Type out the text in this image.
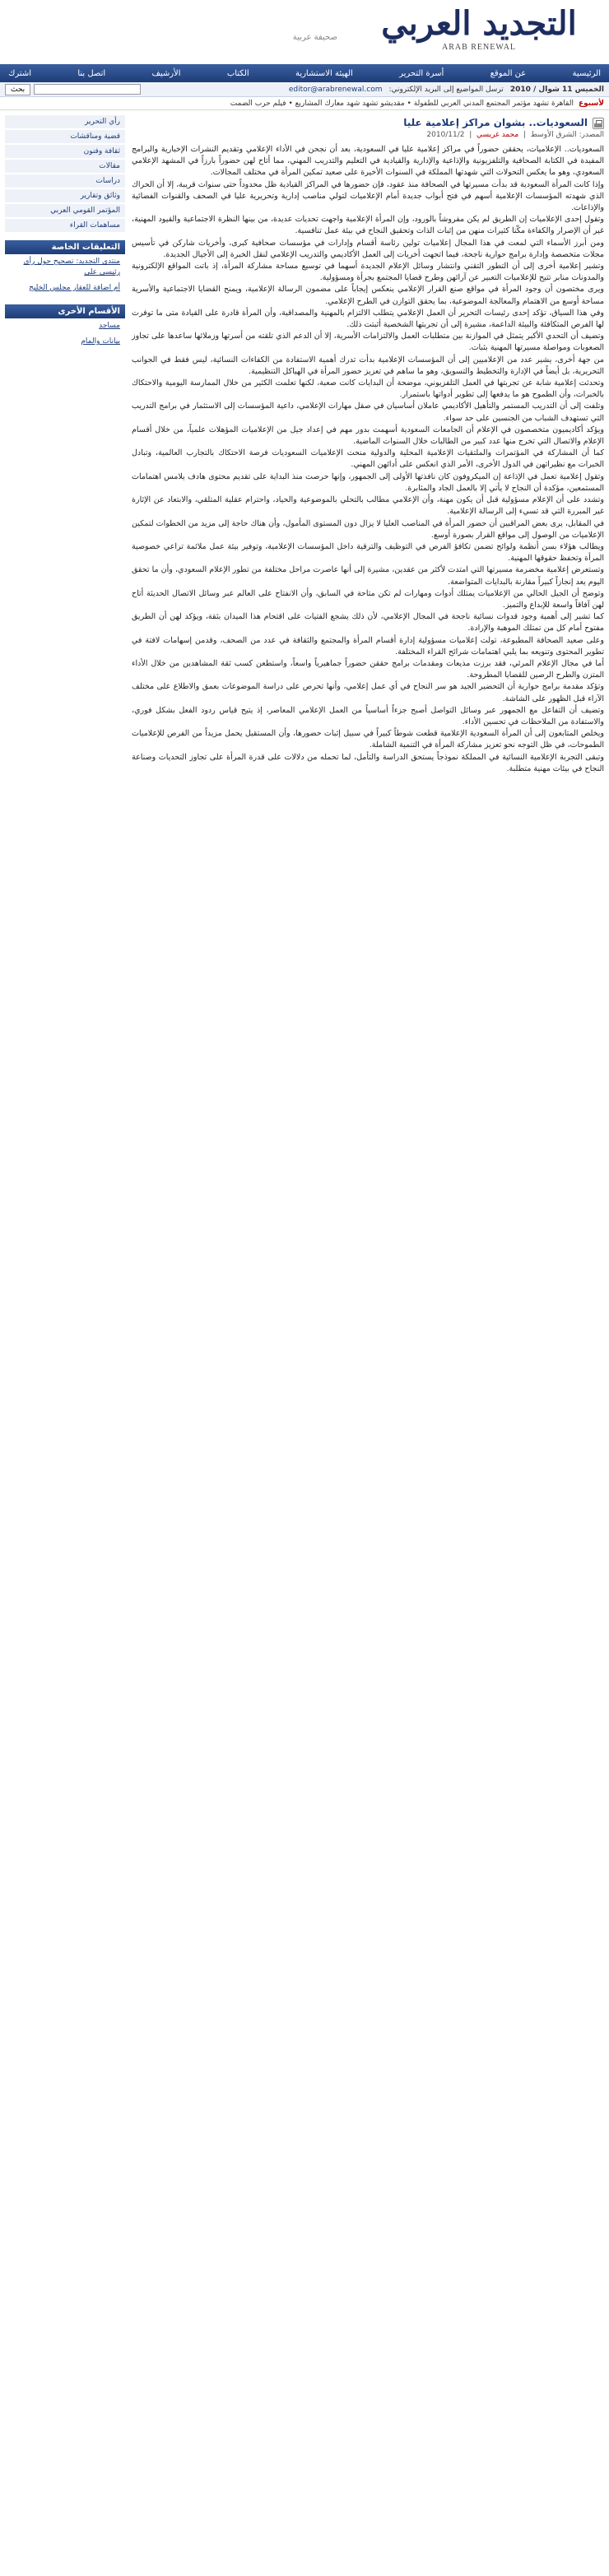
التجديد العربي
ARAB RENEWAL
صحيفة عربية
الرئيسية
عن الموقع
أسرة التحرير
الهيئة الاستشارية
الكتاب
الأرشيف
اتصل بنا
اشترك
الخميس 11 شوال / 2010
ترسل المواضيع إلى البريد الإلكتروني:
editor@arabrenewal.com
بحث
لأسبوع
القاهرة تشهد مؤتمر المجتمع المدني العربي للطفولة • مقديشو تشهد شهد معارك المشاريع • فيلم حرب الضمت
السعوديات.. بشوان مراكز إعلامية عليا
المصدر: الشرق الأوسط  |  محمد غريسي  |  2010/11/2

السعوديات.. الإعلاميات، يحققن حضوراً في مراكز إعلامية عليا في السعودية، بعد أن نجحن في الأداء الإعلامي وتقديم النشرات الإخبارية والبرامج المفيدة في الكتابة الصحافية والتلفزيونية والإذاعية والإدارية والقيادية في التعليم والتدريب المهني، مما أتاح لهن حضوراً بارزاً في المشهد الإعلامي السعودي، وهو ما يعكس التحولات التي شهدتها المملكة في السنوات الأخيرة على صعيد تمكين المرأة في مختلف المجالات.

وإذا كانت المرأة السعودية قد بدأت مسيرتها في الصحافة منذ عقود، فإن حضورها في المراكز القيادية ظل محدوداً حتى سنوات قريبة، إلا أن الحراك الذي شهدته المؤسسات الإعلامية أسهم في فتح أبواب جديدة أمام الإعلاميات لتولي مناصب إدارية وتحريرية عليا في الصحف والقنوات الفضائية والإذاعات.

وتقول إحدى الإعلاميات إن الطريق لم يكن مفروشاً بالورود، وإن المرأة الإعلامية واجهت تحديات عديدة، من بينها النظرة الاجتماعية والقيود المهنية، غير أن الإصرار والكفاءة مكّنا كثيرات منهن من إثبات الذات وتحقيق النجاح في بيئة عمل تنافسية.

ومن أبرز الأسماء التي لمعت في هذا المجال إعلاميات تولين رئاسة أقسام وإدارات في مؤسسات صحافية كبرى، وأخريات شاركن في تأسيس مجلات متخصصة وإدارة برامج حوارية ناجحة، فيما اتجهت أخريات إلى العمل الأكاديمي والتدريب الإعلامي لنقل الخبرة إلى الأجيال الجديدة.

وتشير إعلامية أخرى إلى أن التطور التقني وانتشار وسائل الإعلام الجديدة أسهما في توسيع مساحة مشاركة المرأة، إذ باتت المواقع الإلكترونية والمدونات منابر تتيح للإعلاميات التعبير عن آرائهن وطرح قضايا المجتمع بجرأة ومسؤولية.

ويرى مختصون أن وجود المرأة في مواقع صنع القرار الإعلامي ينعكس إيجاباً على مضمون الرسالة الإعلامية، ويمنح القضايا الاجتماعية والأسرية مساحة أوسع من الاهتمام والمعالجة الموضوعية، بما يحقق التوازن في الطرح الإعلامي.

وفي هذا السياق، تؤكد إحدى رئيسات التحرير أن العمل الإعلامي يتطلب الالتزام بالمهنية والمصداقية، وأن المرأة قادرة على القيادة متى ما توفرت لها الفرص المتكافئة والبيئة الداعمة، مشيرة إلى أن تجربتها الشخصية أثبتت ذلك.

وتضيف أن التحدي الأكبر يتمثل في الموازنة بين متطلبات العمل والالتزامات الأسرية، إلا أن الدعم الذي تلقته من أسرتها وزملائها ساعدها على تجاوز الصعوبات ومواصلة مسيرتها المهنية بثبات.

من جهة أخرى، يشير عدد من الإعلاميين إلى أن المؤسسات الإعلامية بدأت تدرك أهمية الاستفادة من الكفاءات النسائية، ليس فقط في الجوانب التحريرية، بل أيضاً في الإدارة والتخطيط والتسويق، وهو ما ساهم في تعزيز حضور المرأة في الهياكل التنظيمية.

وتحدثت إعلامية شابة عن تجربتها في العمل التلفزيوني، موضحة أن البدايات كانت صعبة، لكنها تعلمت الكثير من خلال الممارسة اليومية والاحتكاك بالخبرات، وأن الطموح هو ما يدفعها إلى تطوير أدواتها باستمرار.

وتلفت إلى أن التدريب المستمر والتأهيل الأكاديمي عاملان أساسيان في صقل مهارات الإعلامي، داعية المؤسسات إلى الاستثمار في برامج التدريب التي تستهدف الشباب من الجنسين على حد سواء.

ويؤكد أكاديميون متخصصون في الإعلام أن الجامعات السعودية أسهمت بدور مهم في إعداد جيل من الإعلاميات المؤهلات علمياً، من خلال أقسام الإعلام والاتصال التي تخرج منها عدد كبير من الطالبات خلال السنوات الماضية.

كما أن المشاركة في المؤتمرات والملتقيات الإعلامية المحلية والدولية منحت الإعلاميات السعوديات فرصة الاحتكاك بالتجارب العالمية، وتبادل الخبرات مع نظيراتهن في الدول الأخرى، الأمر الذي انعكس على أدائهن المهني.

وتقول إعلامية تعمل في الإذاعة إن الميكروفون كان نافذتها الأولى إلى الجمهور، وإنها حرصت منذ البداية على تقديم محتوى هادف يلامس اهتمامات المستمعين، مؤكدة أن النجاح لا يأتي إلا بالعمل الجاد والمثابرة.

وتشدد على أن الإعلام مسؤولية قبل أن يكون مهنة، وأن الإعلامي مطالب بالتحلي بالموضوعية والحياد، واحترام عقلية المتلقي، والابتعاد عن الإثارة غير المبررة التي قد تسيء إلى الرسالة الإعلامية.

في المقابل، يرى بعض المراقبين أن حضور المرأة في المناصب العليا لا يزال دون المستوى المأمول، وأن هناك حاجة إلى مزيد من الخطوات لتمكين الإعلاميات من الوصول إلى مواقع القرار بصورة أوسع.

ويطالب هؤلاء بسن أنظمة ولوائح تضمن تكافؤ الفرص في التوظيف والترقية داخل المؤسسات الإعلامية، وتوفير بيئة عمل ملائمة تراعي خصوصية المرأة وتحفظ حقوقها المهنية.

وتستعرض إعلامية مخضرمة مسيرتها التي امتدت لأكثر من عقدين، مشيرة إلى أنها عاصرت مراحل مختلفة من تطور الإعلام السعودي، وأن ما تحقق اليوم يعد إنجازاً كبيراً مقارنة بالبدايات المتواضعة.

وتوضح أن الجيل الحالي من الإعلاميات يمتلك أدوات ومهارات لم تكن متاحة في السابق، وأن الانفتاح على العالم عبر وسائل الاتصال الحديثة أتاح لهن آفاقاً واسعة للإبداع والتميز.

كما تشير إلى أهمية وجود قدوات نسائية ناجحة في المجال الإعلامي، لأن ذلك يشجع الفتيات على اقتحام هذا الميدان بثقة، ويؤكد لهن أن الطريق مفتوح أمام كل من تمتلك الموهبة والإرادة.

وعلى صعيد الصحافة المطبوعة، تولت إعلاميات مسؤولية إدارة أقسام المرأة والمجتمع والثقافة في عدد من الصحف، وقدمن إسهامات لافتة في تطوير المحتوى وتنويعه بما يلبي اهتمامات شرائح القراء المختلفة.

أما في مجال الإعلام المرئي، فقد برزت مذيعات ومقدمات برامج حققن حضوراً جماهيرياً واسعاً، واستطعن كسب ثقة المشاهدين من خلال الأداء المتزن والطرح الرصين للقضايا المطروحة.

وتؤكد مقدمة برامج حوارية أن التحضير الجيد هو سر النجاح في أي عمل إعلامي، وأنها تحرص على دراسة الموضوعات بعمق والاطلاع على مختلف الآراء قبل الظهور على الشاشة.

وتضيف أن التفاعل مع الجمهور عبر وسائل التواصل أصبح جزءاً أساسياً من العمل الإعلامي المعاصر، إذ يتيح قياس ردود الفعل بشكل فوري، والاستفادة من الملاحظات في تحسين الأداء.

ويخلص المتابعون إلى أن المرأة السعودية الإعلامية قطعت شوطاً كبيراً في سبيل إثبات حضورها، وأن المستقبل يحمل مزيداً من الفرص للإعلاميات الطموحات، في ظل التوجه نحو تعزيز مشاركة المرأة في التنمية الشاملة.

وتبقى التجربة الإعلامية النسائية في المملكة نموذجاً يستحق الدراسة والتأمل، لما تحمله من دلالات على قدرة المرأة على تجاوز التحديات وصناعة النجاح في بيئات مهنية متطلبة.

رأي التحرير
قضية ومناقشات
ثقافة وفنون
مقالات
دراسات
وثائق وتقارير
المؤتمر القومي العربي
مساهمات القراء
التعليقات الخاصة
منتدى التجديد: تصحيح حول رأي رئيسي على
أم اضافة للعقار مجلس الخليج
الأقسام الأخرى
مساجد
بيانات والمام
